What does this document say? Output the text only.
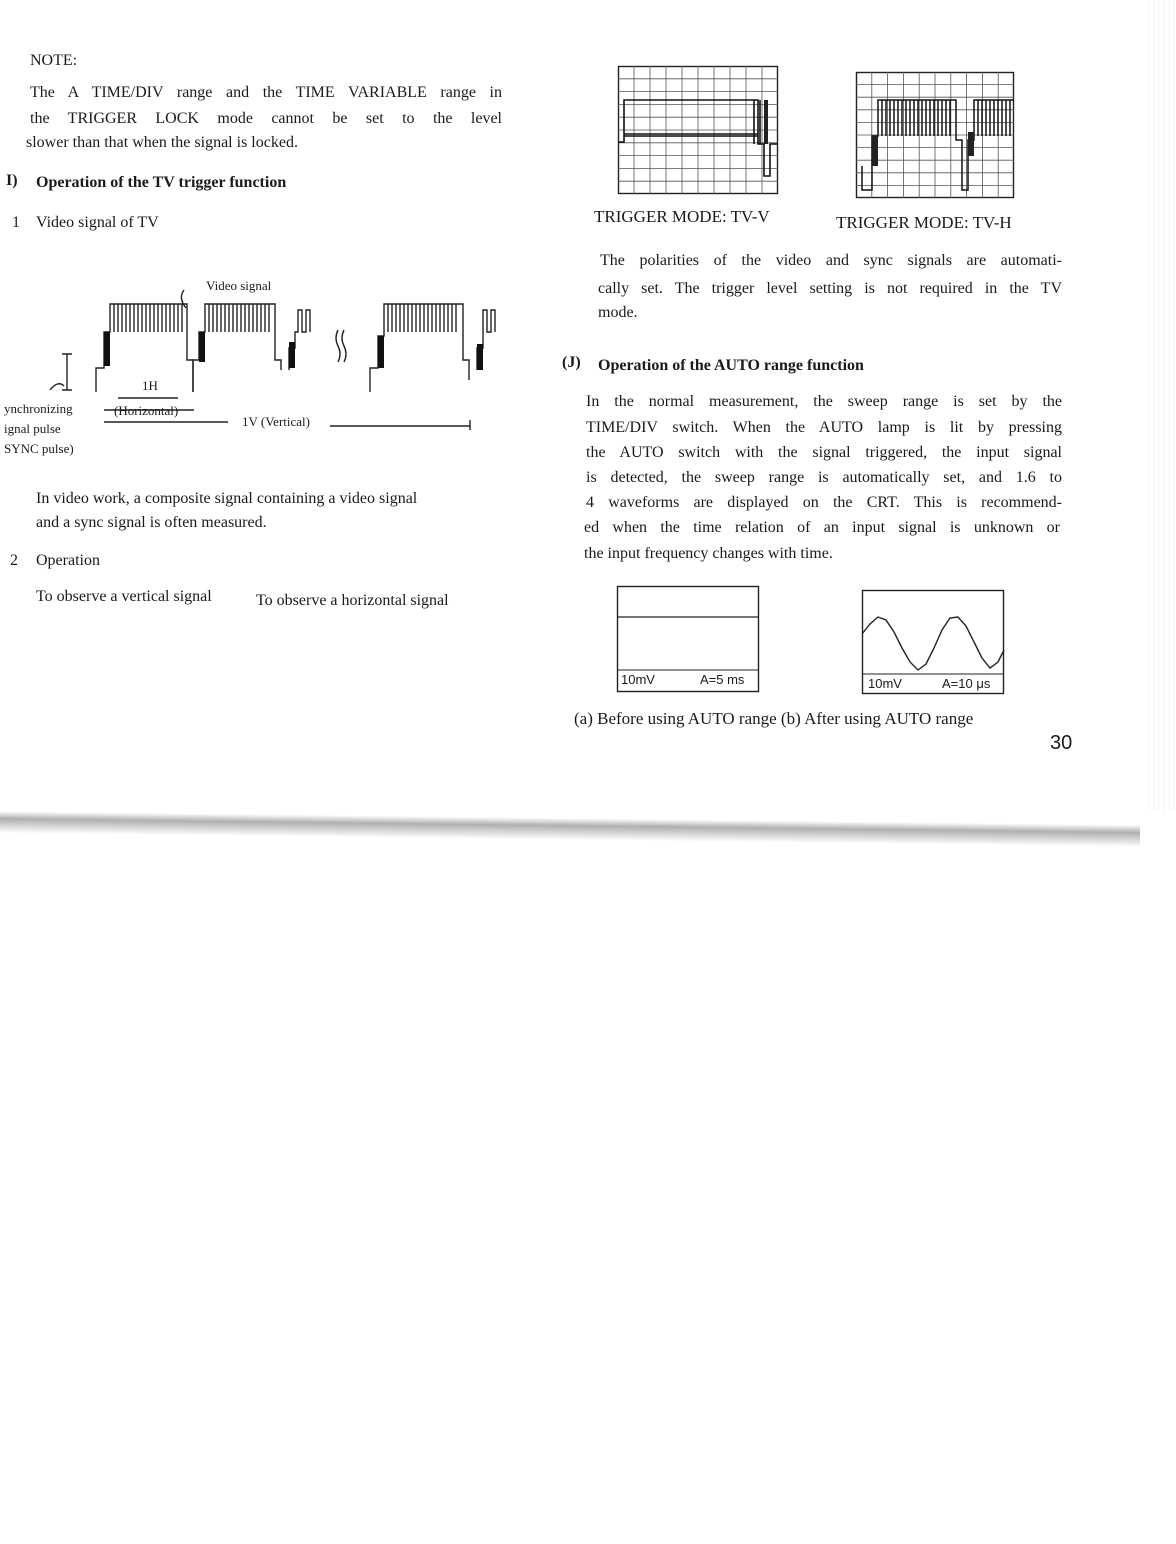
NOTE:
The A TIME/DIV range and the TIME VARIABLE range in
the TRIGGER LOCK mode cannot be set to the level
slower than that when the signal is locked.
I) Operation of the TV trigger function
1 Video signal of TV
Video signal
1H
(Horizontal)
1V (Vertical)
ynchronizing
ignal pulse
SYNC pulse)
In video work, a composite signal containing a video signal
and a sync signal is often measured.
2 Operation
To observe a vertical signal	To observe a horizontal signal
TRIGGER MODE: TV-V	TRIGGER MODE: TV-H
The polarities of the video and sync signals are automati-
cally set. The trigger level setting is not required in the TV
mode.
(J) Operation of the AUTO range function
In the normal measurement, the sweep range is set by the
TIME/DIV switch. When the AUTO lamp is lit by pressing
the AUTO switch with the signal triggered, the input signal
is detected, the sweep range is automatically set, and 1.6 to
4 waveforms are displayed on the CRT. This is recommend-
ed when the time relation of an input signal is unknown or
the input frequency changes with time.
10mV	A=5 ms	10mV	A=10 μs
(a) Before using AUTO range (b) After using AUTO range
30
